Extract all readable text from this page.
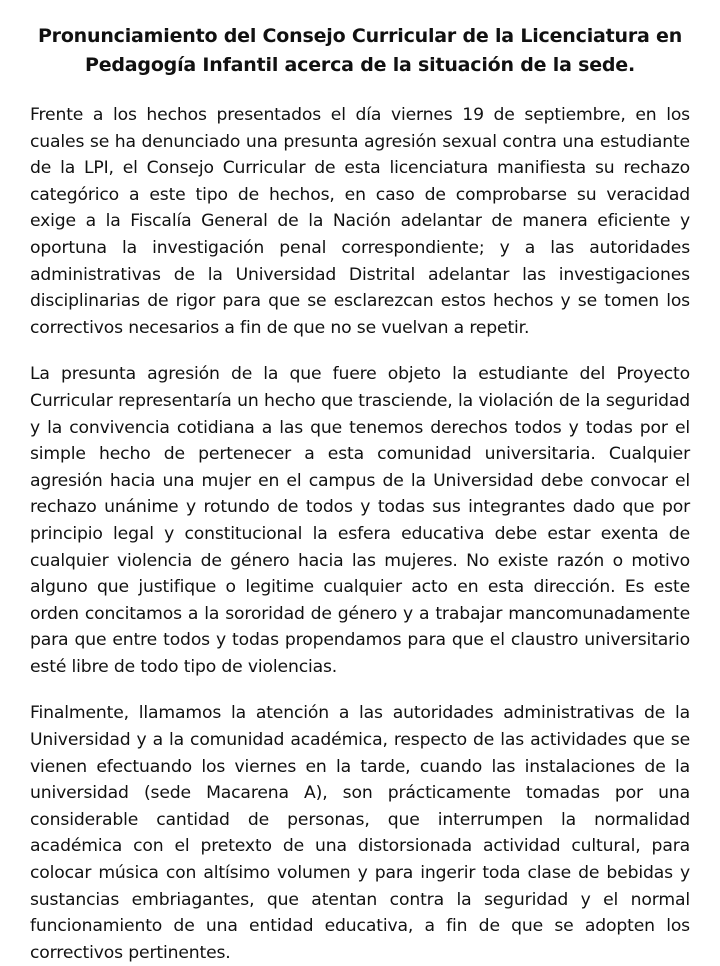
Pronunciamiento del Consejo Curricular de la Licenciatura en
Pedagogía Infantil acerca de la situación de la sede.

Frente a los hechos presentados el día viernes 19 de septiembre, en los cuales se ha denunciado una presunta agresión sexual contra una estudiante de la LPI, el Consejo Curricular de esta licenciatura manifiesta su rechazo categórico a este tipo de hechos, en caso de comprobarse su veracidad exige a la Fiscalía General de la Nación adelantar de manera eficiente y oportuna la investigación penal correspondiente; y a las autoridades administrativas de la Universidad Distrital adelantar las investigaciones disciplinarias de rigor para que se esclarezcan estos hechos y se tomen los correctivos necesarios a fin de que no se vuelvan a repetir.

La presunta agresión de la que fuere objeto la estudiante del Proyecto Curricular representaría un hecho que trasciende, la violación de la seguridad y la convivencia cotidiana a las que tenemos derechos todos y todas por el simple hecho de pertenecer a esta comunidad universitaria. Cualquier agresión hacia una mujer en el campus de la Universidad debe convocar el rechazo unánime y rotundo de todos y todas sus integrantes dado que por principio legal y constitucional la esfera educativa debe estar exenta de cualquier violencia de género hacia las mujeres. No existe razón o motivo alguno que justifique o legitime cualquier acto en esta dirección. Es este orden concitamos a la sororidad de género y a trabajar mancomunadamente para que entre todos y todas propendamos para que el claustro universitario esté libre de todo tipo de violencias.

Finalmente, llamamos la atención a las autoridades administrativas de la Universidad y a la comunidad académica, respecto de las actividades que se vienen efectuando los viernes en la tarde, cuando las instalaciones de la universidad (sede Macarena A), son prácticamente tomadas por una considerable cantidad de personas, que interrumpen la normalidad académica con el pretexto de una distorsionada actividad cultural, para colocar música con altísimo volumen y para ingerir toda clase de bebidas y sustancias embriagantes, que atentan contra la seguridad y el normal funcionamiento de una entidad educativa, a fin de que se adopten los correctivos pertinentes.
